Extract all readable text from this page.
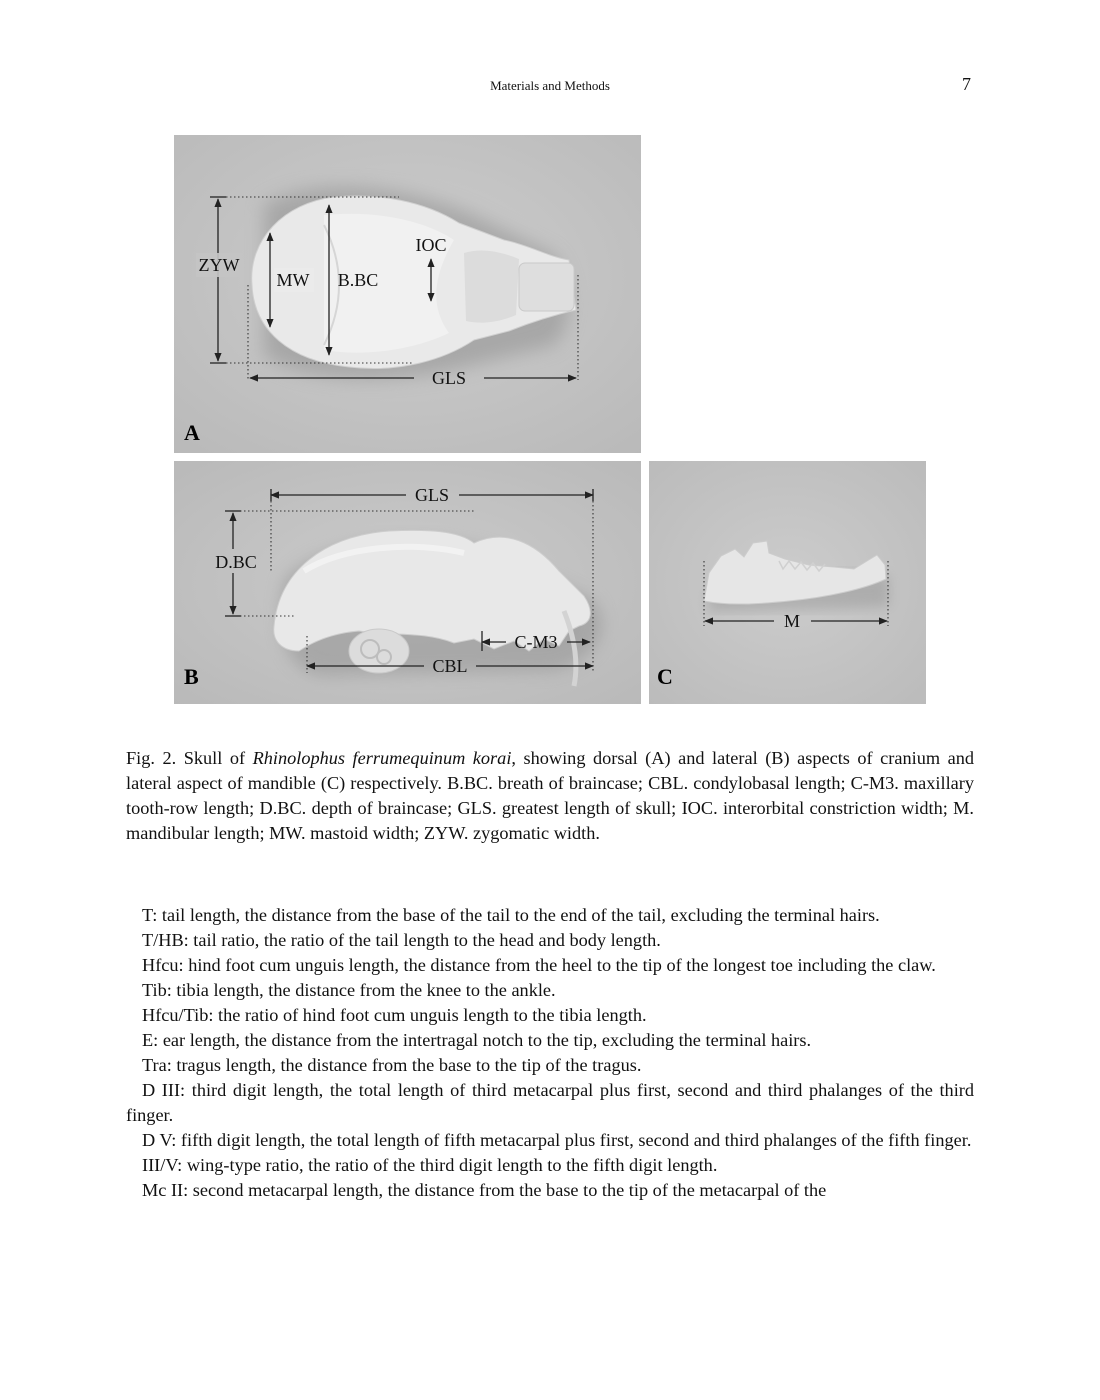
Materials and Methods	7
ZYW
MW B.BC
IOC
GLS
A
GLS
D.BC
C-M3
CBL
B
M
C
Fig. 2. Skull of Rhinolophus ferrumequinum korai, showing dorsal (A) and lateral (B) aspects of cranium and lateral aspect of mandible (C) respectively. B.BC. breath of braincase; CBL. condylobasal length; C-M3. maxillary tooth-row length; D.BC. depth of braincase; GLS. greatest length of skull; IOC. interorbital constriction width; M. mandibular length; MW. mastoid width; ZYW. zygomatic width.

T: tail length, the distance from the base of the tail to the end of the tail, excluding the terminal hairs.

T/HB: tail ratio, the ratio of the tail length to the head and body length.

Hfcu: hind foot cum unguis length, the distance from the heel to the tip of the longest toe including the claw.

Tib: tibia length, the distance from the knee to the ankle.

Hfcu/Tib: the ratio of hind foot cum unguis length to the tibia length.

E: ear length, the distance from the intertragal notch to the tip, excluding the terminal hairs.

Tra: tragus length, the distance from the base to the tip of the tragus.

D III: third digit length, the total length of third metacarpal plus first, second and third phalanges of the third finger.

D V: fifth digit length, the total length of fifth metacarpal plus first, second and third phalanges of the fifth finger.

III/V: wing-type ratio, the ratio of the third digit length to the fifth digit length.

Mc II: second metacarpal length, the distance from the base to the tip of the metacarpal of the
